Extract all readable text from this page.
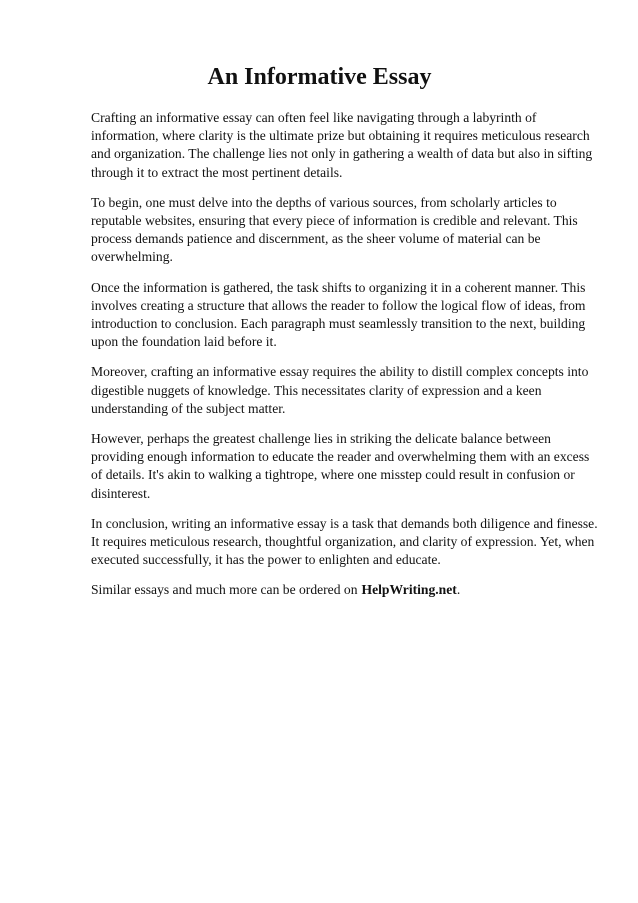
An Informative Essay

Crafting an informative essay can often feel like navigating through a labyrinth of information, where clarity is the ultimate prize but obtaining it requires meticulous research and organization. The challenge lies not only in gathering a wealth of data but also in sifting through it to extract the most pertinent details.

To begin, one must delve into the depths of various sources, from scholarly articles to reputable websites, ensuring that every piece of information is credible and relevant. This process demands patience and discernment, as the sheer volume of material can be overwhelming.

Once the information is gathered, the task shifts to organizing it in a coherent manner. This involves creating a structure that allows the reader to follow the logical flow of ideas, from introduction to conclusion. Each paragraph must seamlessly transition to the next, building upon the foundation laid before it.

Moreover, crafting an informative essay requires the ability to distill complex concepts into digestible nuggets of knowledge. This necessitates clarity of expression and a keen understanding of the subject matter.

However, perhaps the greatest challenge lies in striking the delicate balance between providing enough information to educate the reader and overwhelming them with an excess of details. It's akin to walking a tightrope, where one misstep could result in confusion or disinterest.

In conclusion, writing an informative essay is a task that demands both diligence and finesse. It requires meticulous research, thoughtful organization, and clarity of expression. Yet, when executed successfully, it has the power to enlighten and educate.

Similar essays and much more can be ordered on HelpWriting.net.
